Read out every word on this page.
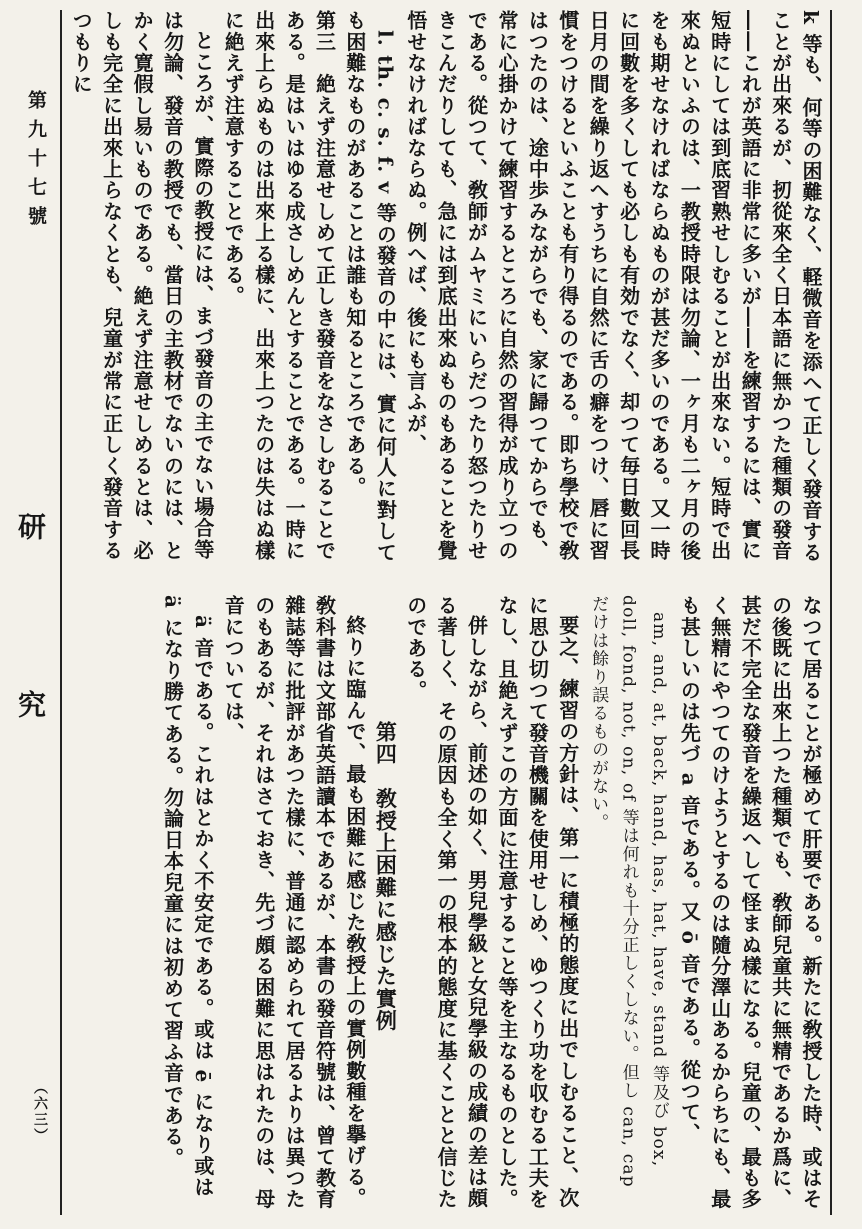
第九十七號
研
究
（六三）

k 等も、何等の困難なく、軽微音を添へて正しく發音することが出來るが、扨從來全く日本語に無かつた種類の發音――これが英語に非常に多いが――を練習するには、實に短時にしては到底習熟せしむることが出來ない。短時で出來ぬといふのは、一教授時限は勿論、一ヶ月も二ヶ月の後をも期せなければならぬものが甚だ多いのである。又一時に回數を多くしても必しも有効でなく、却つて毎日數回長日月の間を繰り返へすうちに自然に舌の癖をつけ、唇に習慣をつけるといふことも有り得るのである。即ち學校で敎はつたのは、途中歩みながらでも、家に歸つてからでも、常に心掛かけて練習するところに自然の習得が成り立つのである。從つて、敎師がムヤミにいらだつたり怒つたりせきこんだりしても、急には到底出來ぬものもあることを覺悟せなければならぬ。例へば、後にも言ふが、

l. th. c. s. f. v 等の發音の中には、實に何人に對しても困難なものがあることは誰も知るところである。

第三　絶えず注意せしめて正しき發音をなさしむることである。是はいはゆる成さしめんとすることである。一時に出來上らぬものは出來上る樣に、出來上つたのは失はぬ樣に絶えず注意することである。

ところが、實際の教授には、まづ發音の主でない場合等は勿論、發音の教授でも、當日の主教材でないのには、とかく寛假し易いものである。絶えず注意せしめるとは、必しも完全に出來上らなくとも、兒童が常に正しく發音するつもりに

なつて居ることが極めて肝要である。新たに敎授した時、或はその後既に出來上つた種類でも、敎師兒童共に無精であるか爲に、甚だ不完全な發音を繰返へして怪まぬ樣になる。兒童の、最も多く無精にやつてのけようとするのは隨分澤山あるからちにも、最も甚しいのは先づ a 音である。又 ō 音である。從つて、

am, and, at, back, hand, has, hat, have, stand 等及び box, doll, fond, not, on, of 等は何れも十分正しくしない。但し can, cap だけは餘り誤るものがない。

要之、練習の方針は、第一に積極的態度に出でしむること、次に思ひ切つて發音機關を使用せしめ、ゆつくり功を収むる工夫をなし、且絶えずこの方面に注意すること等を主なるものとした。

併しながら、前述の如く、男兒學級と女兒學級の成績の差は頗る著しく、その原因も全く第一の根本的態度に基くことと信じたのである。

第四　敎授上困難に感じた實例

終りに臨んで、最も困難に感じた敎授上の實例數種を擧げる。敎科書は文部省英語讀本であるが、本書の發音符號は、曾て教育雜誌等に批評があつた樣に、普通に認められて居るよりは異つたのもあるが、それはさておき、先づ頗る困難に思はれたのは、母音については、

ä 音である。これはとかく不安定である。或は ē になり或は ä になり勝てある。勿論日本兒童には初めて習ふ音である。
